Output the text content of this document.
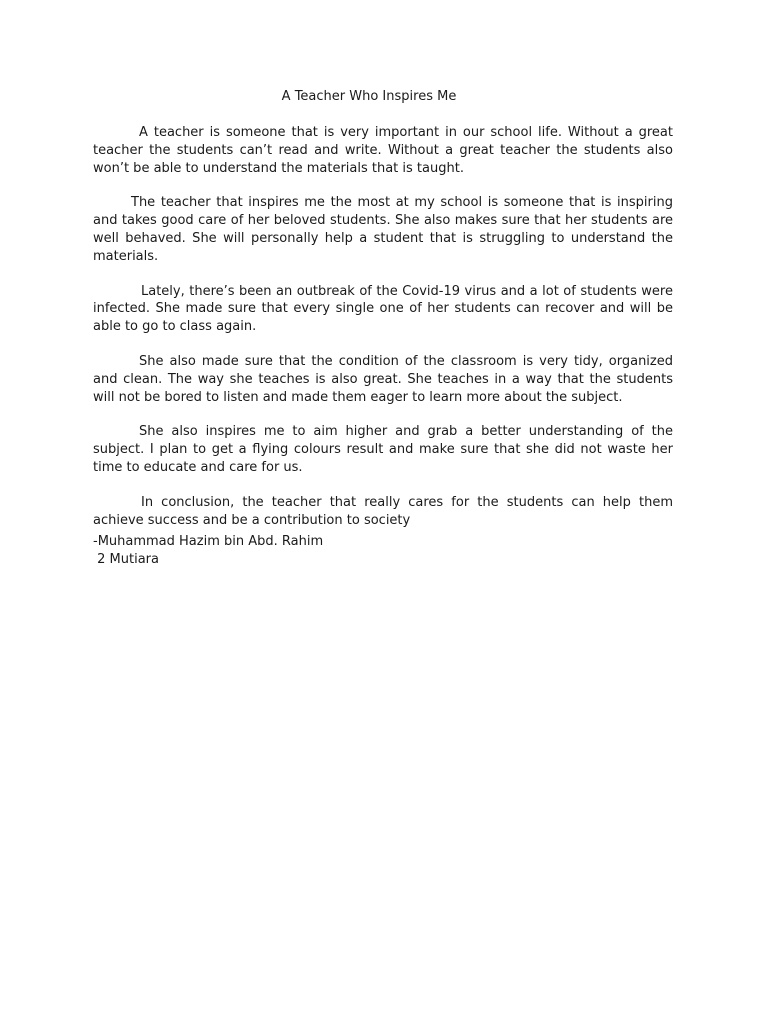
A Teacher Who Inspires Me

A teacher is someone that is very important in our school life. Without a great teacher the students can’t read and write. Without a great teacher the students also won’t be able to understand the materials that is taught.

The teacher that inspires me the most at my school is someone that is inspiring and takes good care of her beloved students. She also makes sure that her students are well behaved. She will personally help a student that is struggling to understand the materials.

Lately, there’s been an outbreak of the Covid-19 virus and a lot of students were infected. She made sure that every single one of her students can recover and will be able to go to class again.

She also made sure that the condition of the classroom is very tidy, organized and clean. The way she teaches is also great. She teaches in a way that the students will not be bored to listen and made them eager to learn more about the subject.

She also inspires me to aim higher and grab a better understanding of the subject. I plan to get a flying colours result and make sure that she did not waste her time to educate and care for us.

In conclusion, the teacher that really cares for the students can help them achieve success and be a contribution to society

-Muhammad Hazim bin Abd. Rahim
2 Mutiara
